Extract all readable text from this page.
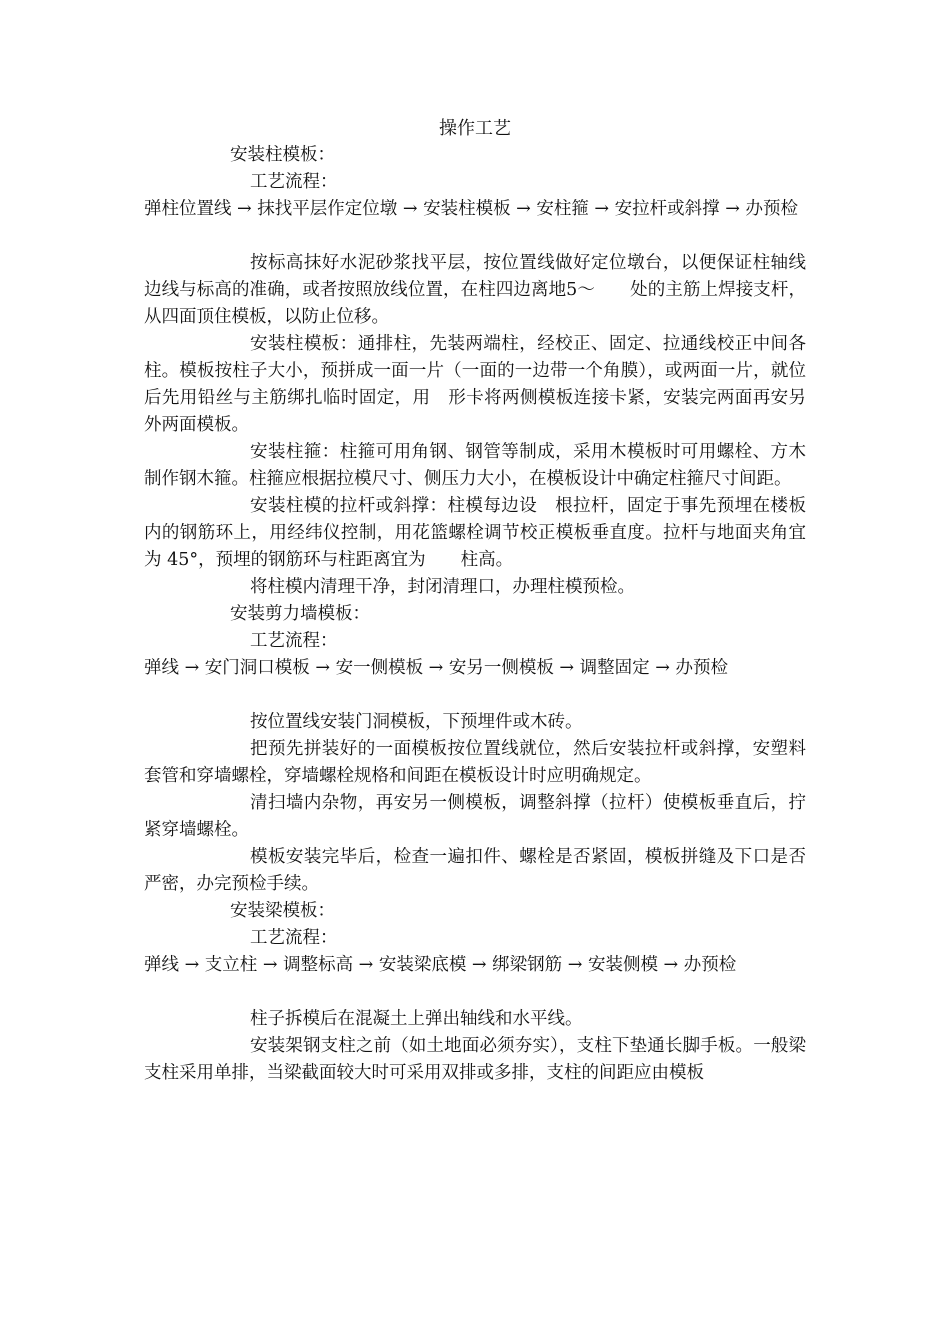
操作工艺

安装柱模板：

工艺流程：

弹柱位置线 → 抹找平层作定位墩 → 安装柱模板 → 安柱箍 → 安拉杆或斜撑 → 办预检

按标高抹好水泥砂浆找平层，按位置线做好定位墩台，以便保证柱轴线边线与标高的准确，或者按照放线位置，在柱四边离地5～　　处的主筋上焊接支杆，从四面顶住模板，以防止位移。

安装柱模板：通排柱，先装两端柱，经校正、固定、拉通线校正中间各柱。模板按柱子大小，预拼成一面一片（一面的一边带一个角膜），或两面一片，就位后先用铅丝与主筋绑扎临时固定，用　形卡将两侧模板连接卡紧，安装完两面再安另外两面模板。

安装柱箍：柱箍可用角钢、钢管等制成，采用木模板时可用螺栓、方木制作钢木箍。柱箍应根据拉模尺寸、侧压力大小，在模板设计中确定柱箍尺寸间距。

安装柱模的拉杆或斜撑：柱模每边设　根拉杆，固定于事先预埋在楼板内的钢筋环上，用经纬仪控制，用花篮螺栓调节校正模板垂直度。拉杆与地面夹角宜为 45°，预埋的钢筋环与柱距离宜为　　柱高。

将柱模内清理干净，封闭清理口，办理柱模预检。

安装剪力墙模板：

工艺流程：

弹线 → 安门洞口模板 → 安一侧模板 → 安另一侧模板 → 调整固定 → 办预检

按位置线安装门洞模板，下预埋件或木砖。

把预先拼装好的一面模板按位置线就位，然后安装拉杆或斜撑，安塑料套管和穿墙螺栓，穿墙螺栓规格和间距在模板设计时应明确规定。

清扫墙内杂物，再安另一侧模板，调整斜撑（拉杆）使模板垂直后，拧紧穿墙螺栓。

模板安装完毕后，检查一遍扣件、螺栓是否紧固，模板拼缝及下口是否严密，办完预检手续。

安装梁模板：

工艺流程：

弹线 → 支立柱 → 调整标高 → 安装梁底模 → 绑梁钢筋 → 安装侧模 → 办预检

柱子拆模后在混凝土上弹出轴线和水平线。

安装架钢支柱之前（如土地面必须夯实），支柱下垫通长脚手板。一般梁支柱采用单排，当梁截面较大时可采用双排或多排，支柱的间距应由模板
